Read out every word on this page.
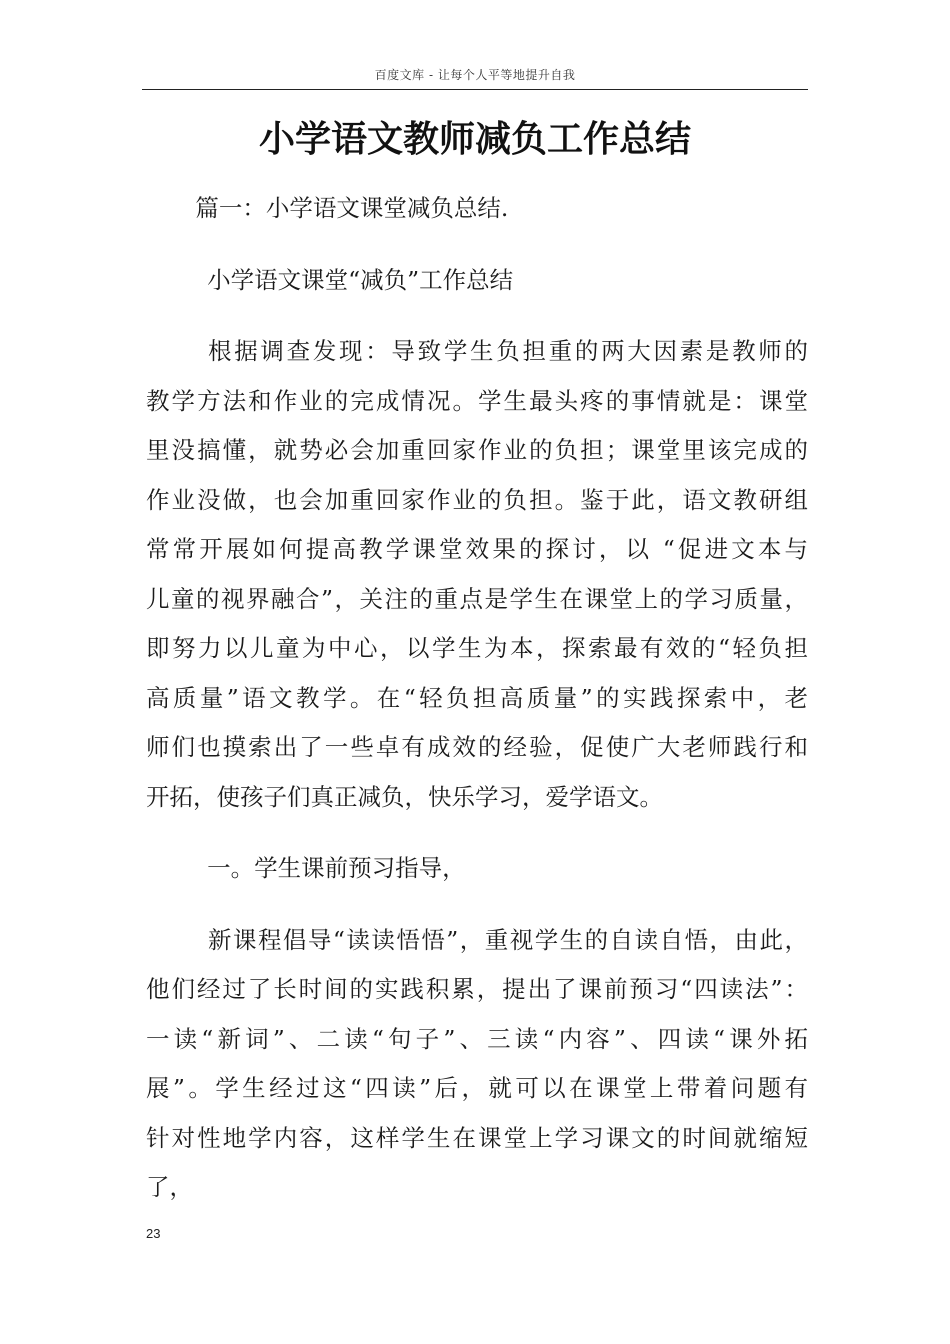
百度文库 - 让每个人平等地提升自我
小学语文教师减负工作总结

篇一：小学语文课堂减负总结.

小学语文课堂“减负”工作总结

根据调查发现：导致学生负担重的两大因素是教师的
教学方法和作业的完成情况。学生最头疼的事情就是：课堂
里没搞懂，就势必会加重回家作业的负担；课堂里该完成的
作业没做，也会加重回家作业的负担。鉴于此，语文教研组
常常开展如何提高教学课堂效果的探讨，以 “促进文本与
儿童的视界融合”，关注的重点是学生在课堂上的学习质量，
即努力以儿童为中心，以学生为本，探索最有效的“轻负担
高质量”语文教学。在“轻负担高质量”的实践探索中，老
师们也摸索出了一些卓有成效的经验，促使广大老师践行和
开拓，使孩子们真正减负，快乐学习，爱学语文。

一。学生课前预习指导，

新课程倡导“读读悟悟”，重视学生的自读自悟，由此，
他们经过了长时间的实践积累，提出了课前预习“四读法”：
一读“新词”、二读“句子”、三读“内容”、四读“课外拓
展”。学生经过这“四读”后，就可以在课堂上带着问题有
针对性地学内容，这样学生在课堂上学习课文的时间就缩短
了，
23
